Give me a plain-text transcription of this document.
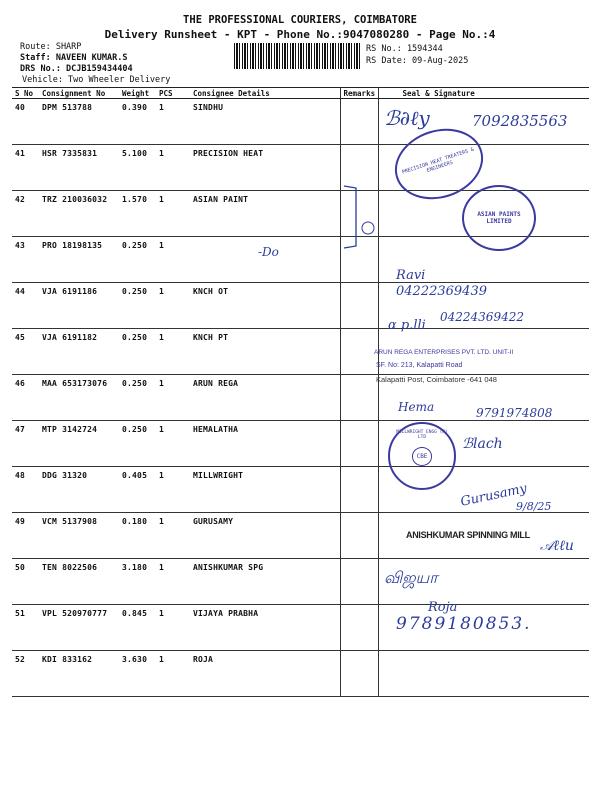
THE PROFESSIONAL COURIERS, COIMBATORE
Delivery Runsheet - KPT - Phone No.:9047080280 - Page No.:4
Route: SHARP
Staff: NAVEEN KUMAR.S
DRS No.: DCJB159434404
Vehicle: Two Wheeler Delivery
RS No.: 1594344
RS Date: 09-Aug-2025
S No	Consignment No	Weight	PCS	Consignee Details	Remarks	Seal & Signature
40	DPM 513788	0.390	1	SINDHU		
41	HSR 7335831	5.100	1	PRECISION HEAT		
42	TRZ 210036032	1.570	1	ASIAN PAINT		
43	PRO 18198135	0.250	1			
44	VJA 6191186	0.250	1	KNCH OT		
45	VJA 6191182	0.250	1	KNCH PT		
46	MAA 653173076	0.250	1	ARUN REGA		
47	MTP 3142724	0.250	1	HEMALATHA		
48	DDG 31320	0.405	1	MILLWRIGHT		
49	VCM 5137908	0.180	1	GURUSAMY		
50	TEN 8022506	3.180	1	ANISHKUMAR SPG		
51	VPL 520970777	0.845	1	VIJAYA PRABHA		
52	KDI 833162	3.630	1	ROJA		
ℬ∂ℓy	7092835563
PRECISION HEAT TREATERS & ENGINEERS
ASIAN PAINTS LIMITED
-Do
Ravi
04222369439
α p.lli
04224369422
ARUN REGA ENTERPRISES PVT. LTD. UNIT-II
SF. No: 213, Kalapatti Road
Kalapatti Post, Coimbatore -641 048
Hema	9791974808
MILLWRIGHT ENGG (P) LTD
CBE
ℬlach
Gurusamy
9/8/25
ANISHKUMAR SPINNING MILL
𝒜ℓℓu
விஜயா
Roja
9789180853.
